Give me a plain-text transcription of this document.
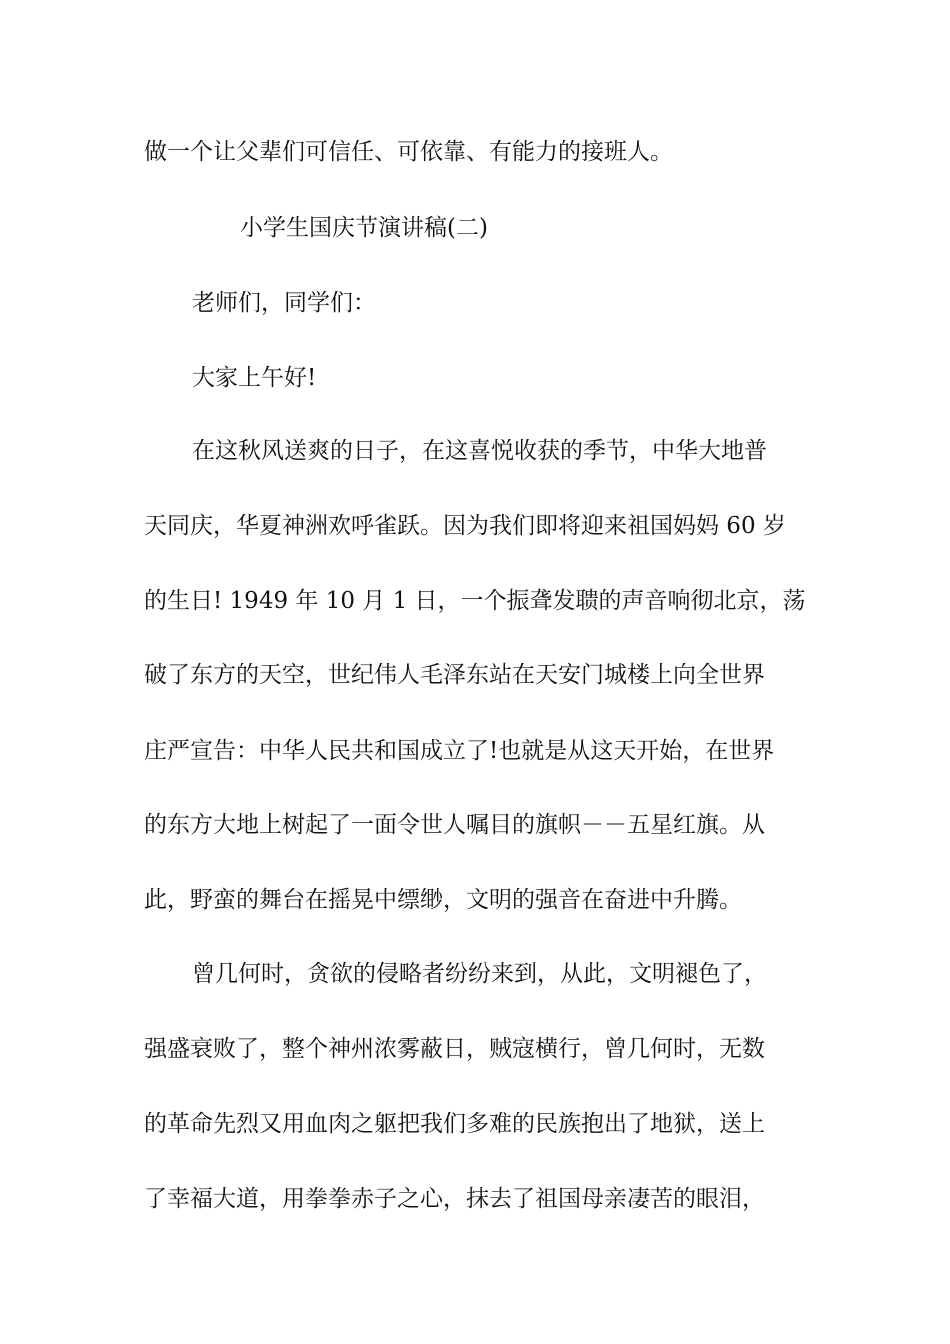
做一个让父辈们可信任、可依靠、有能力的接班人。
小学生国庆节演讲稿(二)
老师们，同学们：
大家上午好!
在这秋风送爽的日子，在这喜悦收获的季节，中华大地普
天同庆，华夏神洲欢呼雀跃。因为我们即将迎来祖国妈妈 60 岁
的生日! 1949 年 10 月 1 日，一个振聋发聩的声音响彻北京，荡
破了东方的天空，世纪伟人毛泽东站在天安门城楼上向全世界
庄严宣告：中华人民共和国成立了!也就是从这天开始，在世界
的东方大地上树起了一面令世人嘱目的旗帜－－五星红旗。从
此，野蛮的舞台在摇晃中缥缈，文明的强音在奋进中升腾。
曾几何时，贪欲的侵略者纷纷来到，从此，文明褪色了，
强盛衰败了，整个神州浓雾蔽日，贼寇横行，曾几何时，无数
的革命先烈又用血肉之躯把我们多难的民族抱出了地狱，送上
了幸福大道，用拳拳赤子之心，抹去了祖国母亲凄苦的眼泪，
